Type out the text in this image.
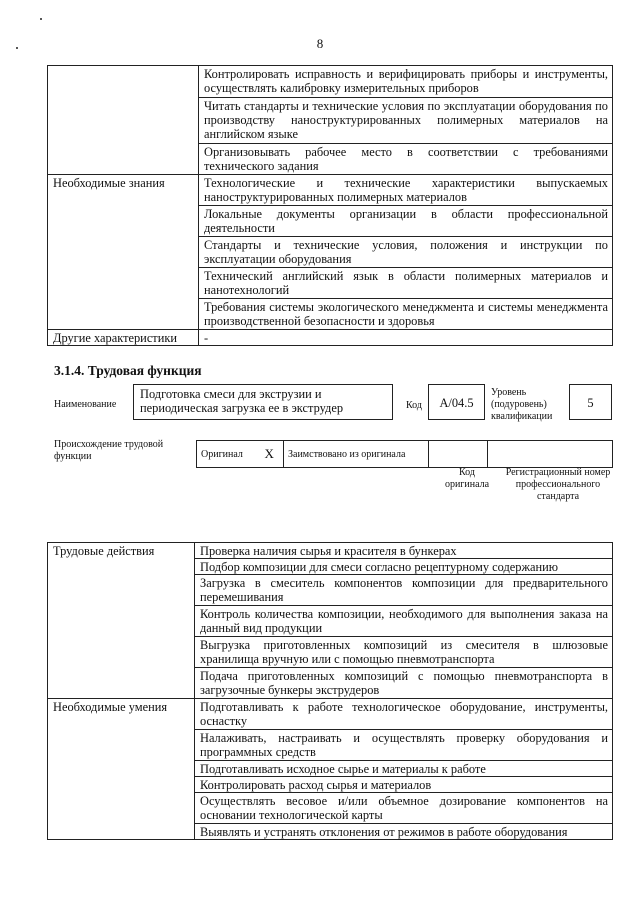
8
	Контролировать исправность и верифицировать приборы и инструменты, осуществлять калибровку измерительных приборов
	Читать стандарты и технические условия по эксплуатации оборудования по производству наноструктурированных полимерных материалов на английском языке
	Организовывать рабочее место в соответствии с требованиями технического задания
Необходимые знания	Технологические и технические характеристики выпускаемых наноструктурированных полимерных материалов
	Локальные документы организации в области профессиональной деятельности
	Стандарты и технические условия, положения и инструкции по эксплуатации оборудования
	Технический английский язык в области полимерных материалов и нанотехнологий
	Требования системы экологического менеджмента и системы менеджмента производственной безопасности и здоровья
Другие характеристики	-
3.1.4. Трудовая функция
Наименование
Подготовка смеси для экструзии и периодическая загрузка ее в экструдер	Код	А/04.5
Уровень (подуровень) квалификации
5
Происхождение трудовой функции	Оригинал	X	Заимствовано из оригинала		
Код оригинала
Регистрационный номер профессионального стандарта
Трудовые действия	Проверка наличия сырья и красителя в бункерах
	Подбор композиции для смеси согласно рецептурному содержанию
	Загрузка в смеситель компонентов композиции для предварительного перемешивания
	Контроль количества композиции, необходимого для выполнения заказа на данный вид продукции
	Выгрузка приготовленных композиций из смесителя в шлюзовые хранилища вручную или с помощью пневмотранспорта
	Подача приготовленных композиций с помощью пневмотранспорта в загрузочные бункеры экструдеров
Необходимые умения	Подготавливать к работе технологическое оборудование, инструменты, оснастку
	Налаживать, настраивать и осуществлять проверку оборудования и программных средств
	Подготавливать исходное сырье и материалы к работе
	Контролировать расход сырья и материалов
	Осуществлять весовое и/или объемное дозирование компонентов на основании технологической карты
	Выявлять и устранять отклонения от режимов в работе оборудования
